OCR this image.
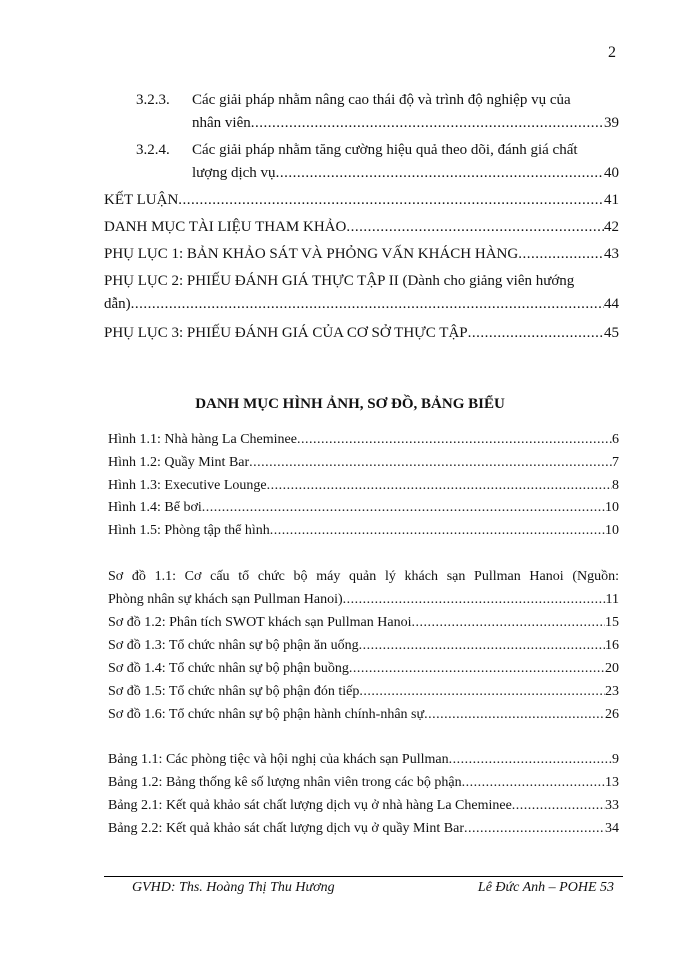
2
3.2.3. Các giải pháp nhằm nâng cao thái độ và trình độ nghiệp vụ của
nhân viên .....	39
3.2.4. Các giải pháp nhằm tăng cường hiệu quả theo dõi, đánh giá chất
lượng dịch vụ .....	40
KẾT LUẬN .....	41
DANH MỤC TÀI LIỆU THAM KHẢO .....	42
PHỤ LỤC 1: BẢN KHẢO SÁT VÀ PHỎNG VẤN KHÁCH HÀNG .....	43
PHỤ LỤC 2: PHIẾU ĐÁNH GIÁ THỰC TẬP II (Dành cho giảng viên hướng
dẫn) .....	44
PHỤ LỤC 3: PHIẾU ĐÁNH GIÁ CỦA CƠ SỞ THỰC TẬP .....	45
DANH MỤC HÌNH ẢNH, SƠ ĐỒ, BẢNG BIỂU
Hình 1.1: Nhà hàng La Cheminee .....	6
Hình 1.2: Quầy Mint Bar .....	7
Hình 1.3: Executive Lounge .....	8
Hình 1.4: Bể bơi .....	10
Hình 1.5: Phòng tập thể hình .....	10
Sơ đồ 1.1: Cơ cấu tổ chức bộ máy quản lý khách sạn Pullman Hanoi (Nguồn:
Phòng nhân sự khách sạn Pullman Hanoi) .....	11
Sơ đồ 1.2: Phân tích SWOT khách sạn Pullman Hanoi .....	15
Sơ đồ 1.3: Tổ chức nhân sự bộ phận ăn uống .....	16
Sơ đồ 1.4: Tổ chức nhân sự bộ phận buồng .....	20
Sơ đồ 1.5: Tổ chức nhân sự bộ phận đón tiếp .....	23
Sơ đồ 1.6: Tổ chức nhân sự bộ phận hành chính-nhân sự .....	26
Bảng 1.1: Các phòng tiệc và hội nghị của khách sạn Pullman .....	9
Bảng 1.2: Bảng thống kê số lượng nhân viên trong các bộ phận .....	13
Bảng 2.1: Kết quả khảo sát chất lượng dịch vụ ở nhà hàng La Cheminee .....	33
Bảng 2.2: Kết quả khảo sát chất lượng dịch vụ ở quầy Mint Bar .....	34
GVHD: Ths. Hoàng Thị Thu Hương	Lê Đức Anh – POHE 53
